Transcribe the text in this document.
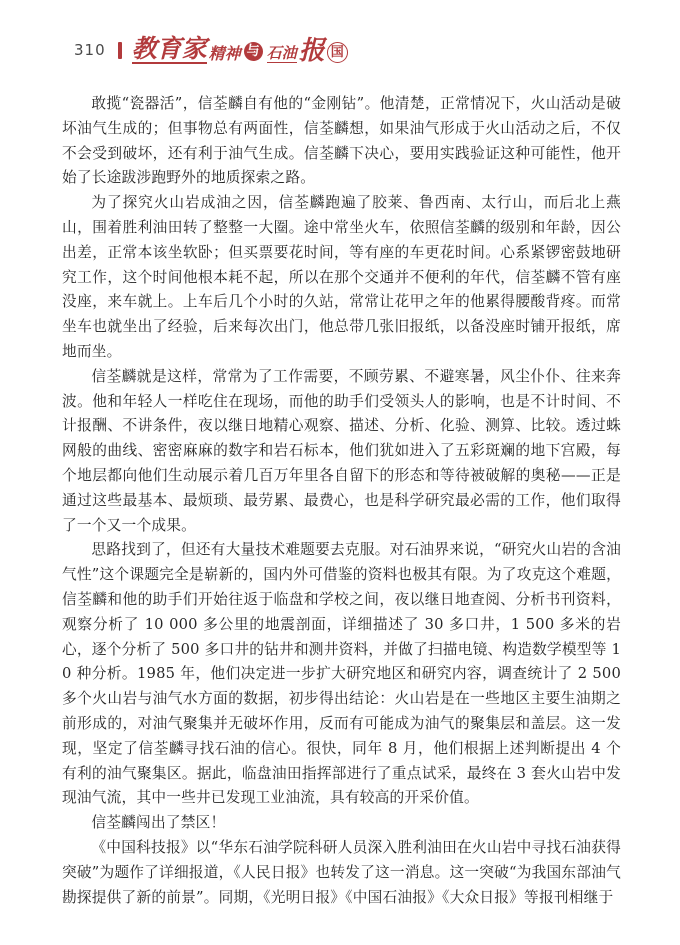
310 教育家 精神 与 石油 报 国

敢揽“瓷器活”，信荃麟自有他的“金刚钻”。他清楚，正常情况下，火山活动是破坏油气生成的；但事物总有两面性，信荃麟想，如果油气形成于火山活动之后，不仅不会受到破坏，还有利于油气生成。信荃麟下决心，要用实践验证这种可能性，他开始了长途跋涉跑野外的地质探索之路。

为了探究火山岩成油之因，信荃麟跑遍了胶莱、鲁西南、太行山，而后北上燕山，围着胜利油田转了整整一大圈。途中常坐火车，依照信荃麟的级别和年龄，因公出差，正常本该坐软卧；但买票要花时间，等有座的车更花时间。心系紧锣密鼓地研究工作，这个时间他根本耗不起，所以在那个交通并不便利的年代，信荃麟不管有座没座，来车就上。上车后几个小时的久站，常常让花甲之年的他累得腰酸背疼。而常坐车也就坐出了经验，后来每次出门，他总带几张旧报纸，以备没座时铺开报纸，席地而坐。

信荃麟就是这样，常常为了工作需要，不顾劳累、不避寒暑，风尘仆仆、往来奔波。他和年轻人一样吃住在现场，而他的助手们受领头人的影响，也是不计时间、不计报酬、不讲条件，夜以继日地精心观察、描述、分析、化验、测算、比较。透过蛛网般的曲线、密密麻麻的数字和岩石标本，他们犹如进入了五彩斑斓的地下宫殿，每个地层都向他们生动展示着几百万年里各自留下的形态和等待被破解的奥秘——正是通过这些最基本、最烦琐、最劳累、最费心，也是科学研究最必需的工作，他们取得了一个又一个成果。

思路找到了，但还有大量技术难题要去克服。对石油界来说，“研究火山岩的含油气性”这个课题完全是崭新的，国内外可借鉴的资料也极其有限。为了攻克这个难题，信荃麟和他的助手们开始往返于临盘和学校之间，夜以继日地查阅、分析书刊资料，观察分析了 10 000 多公里的地震剖面，详细描述了 30 多口井，1 500 多米的岩心，逐个分析了 500 多口井的钻井和测井资料，并做了扫描电镜、构造数学模型等 10 种分析。1985 年，他们决定进一步扩大研究地区和研究内容，调查统计了 2 500 多个火山岩与油气水方面的数据，初步得出结论：火山岩是在一些地区主要生油期之前形成的，对油气聚集并无破坏作用，反而有可能成为油气的聚集层和盖层。这一发现，坚定了信荃麟寻找石油的信心。很快，同年 8 月，他们根据上述判断提出 4 个有利的油气聚集区。据此，临盘油田指挥部进行了重点试采，最终在 3 套火山岩中发现油气流，其中一些井已发现工业油流，具有较高的开采价值。

信荃麟闯出了禁区！

《中国科技报》以“华东石油学院科研人员深入胜利油田在火山岩中寻找石油获得突破”为题作了详细报道，《人民日报》也转发了这一消息。这一突破“为我国东部油气勘探提供了新的前景”。同期，《光明日报》《中国石油报》《大众日报》等报刊相继于
